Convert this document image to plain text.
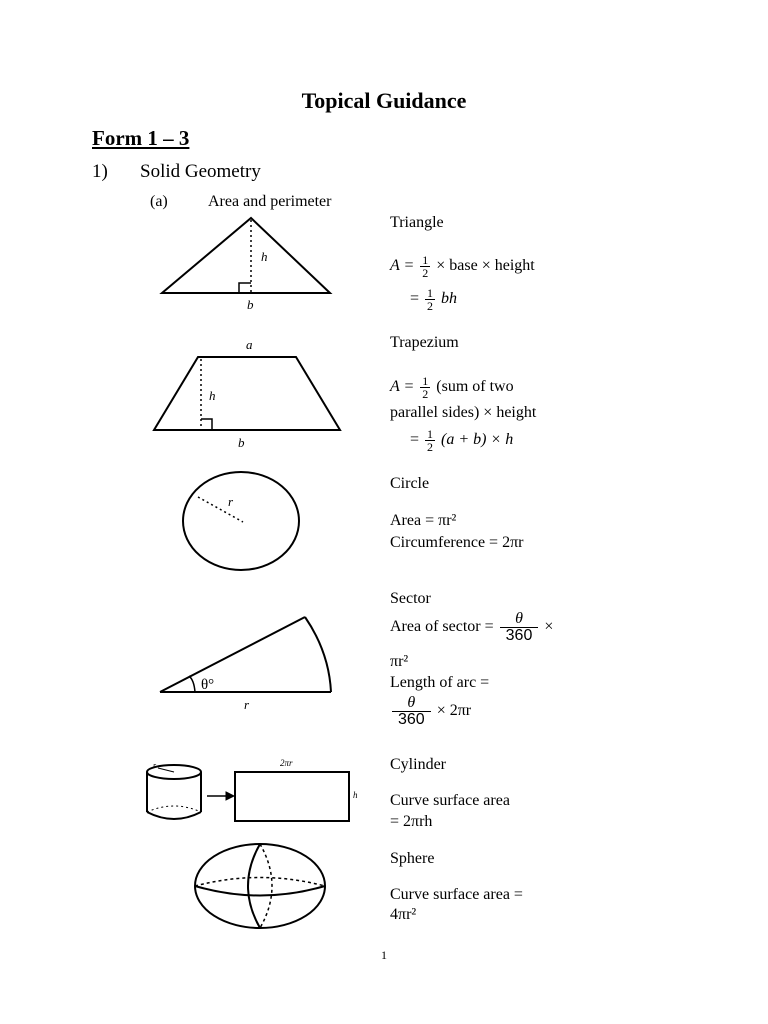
Topical Guidance
Form 1 – 3
1) Solid Geometry
(a)	Area and perimeter
h
b
a
h
b
r
θ°
r
2πr
h
r
Triangle
$A = \frac{1}{2}$ × base × height
= $\frac{1}{2}$ bh
Trapezium
$A = \frac{1}{2} (sum$ of two
parallel sides) × height
= $\frac{1}{2} (a + b) \times h$
Circle
Area = πr²
Circumference = 2πr
Sector
Area of sector = $\frac{\theta}{360}$ ×
πr²
Length of arc =
$\frac{\theta}{360} \times 2\pi r$
Cylinder
Curve surface area
= 2πrh
Sphere
Curve surface area =
4πr²
1
